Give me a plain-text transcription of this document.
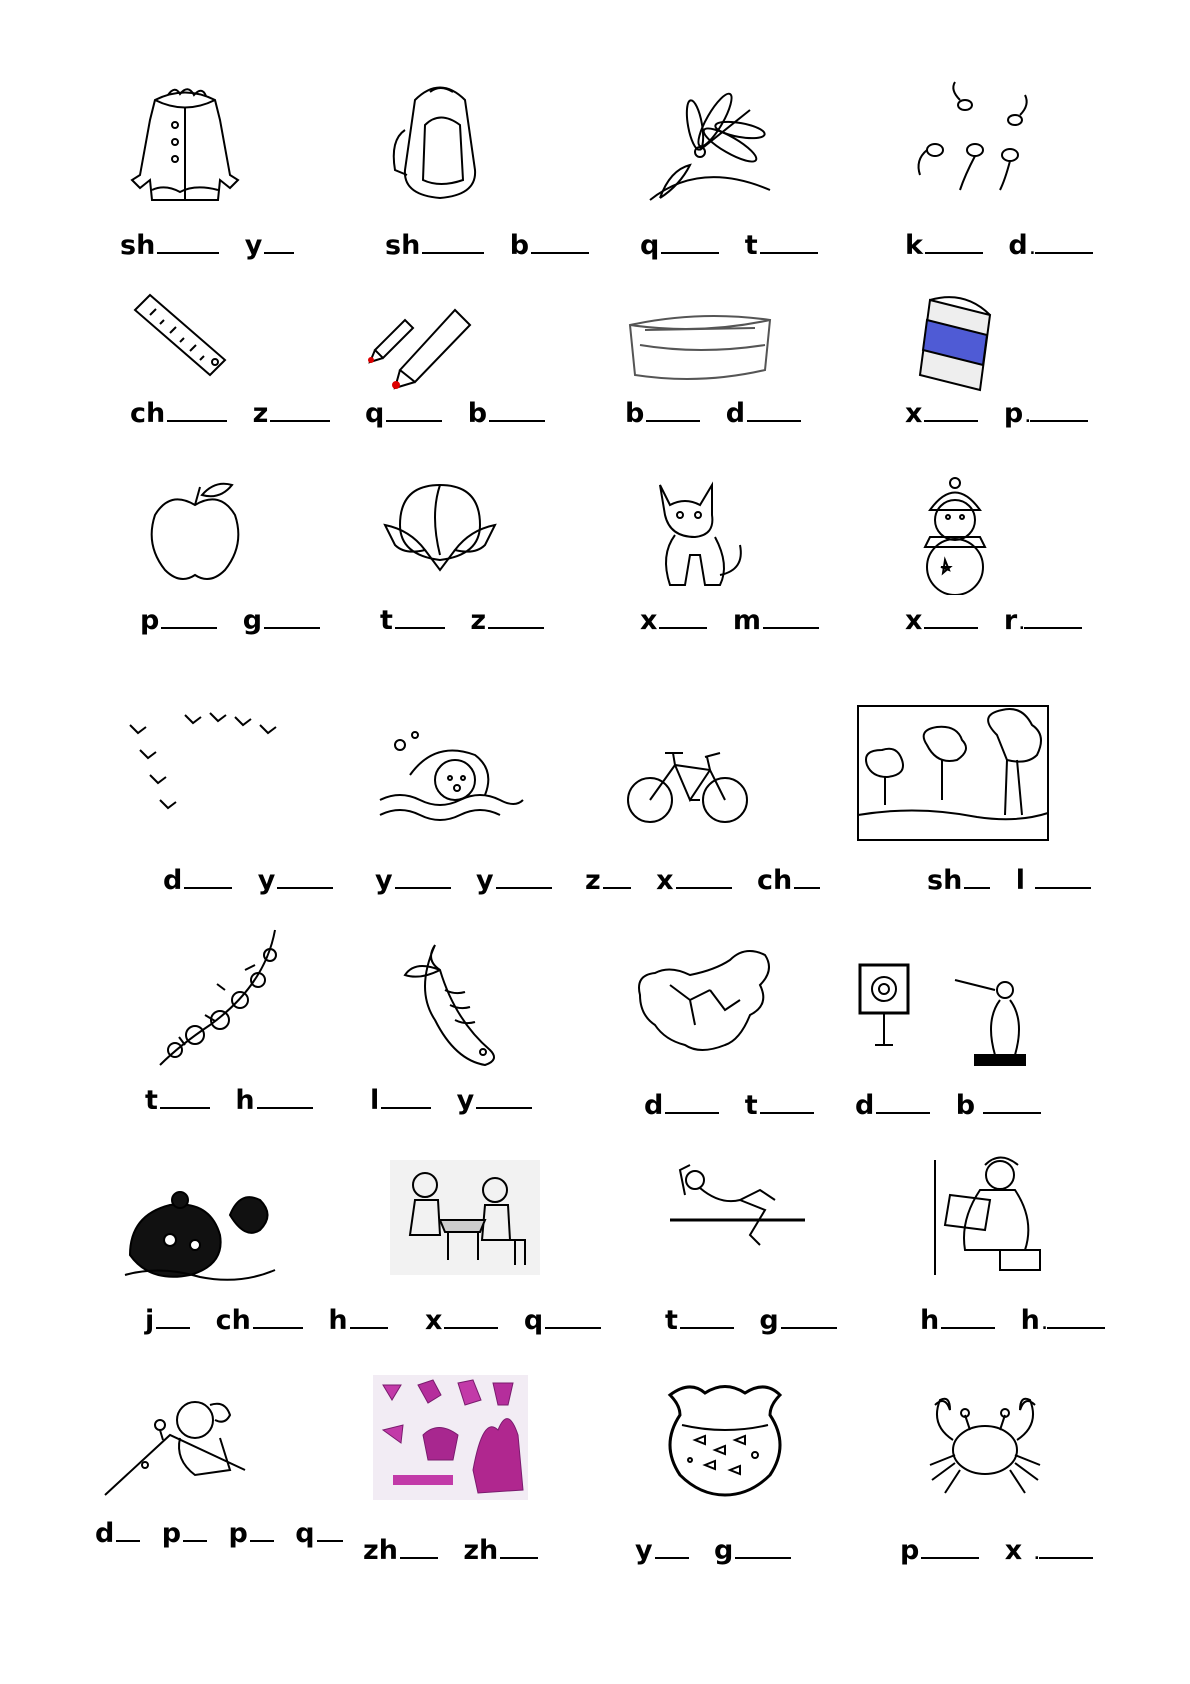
sh	y	sh	b	q	t	k	d .
ch	z	q	b	b	d	x	p .
p	g	t	z	x	m	x	r .
d	y	y	y	z x	ch	sh l
t	h	l	y	d	t	d	b
j ch	h	x	q	t	g	h	h .
d p p q
zh zh	y g	p	x .
